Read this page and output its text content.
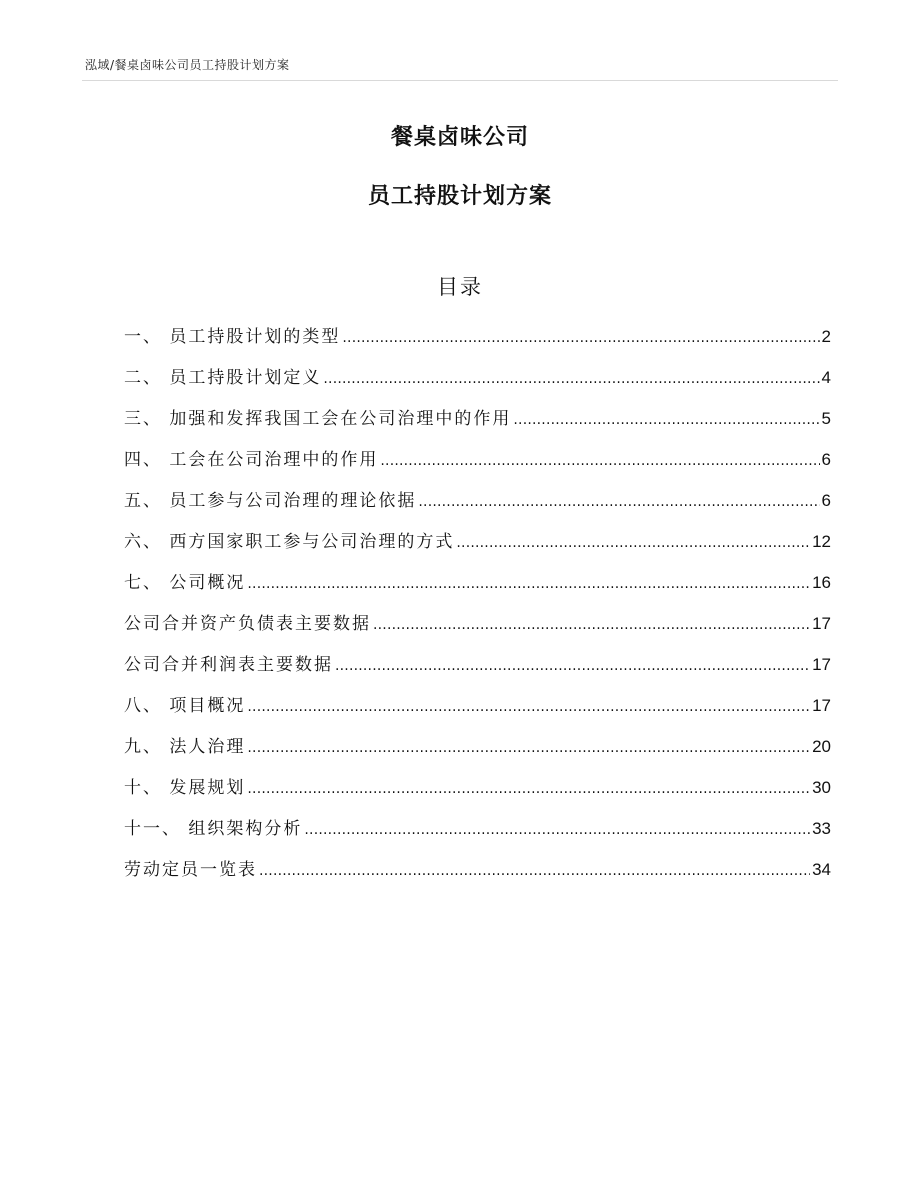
泓域/餐桌卤味公司员工持股计划方案
餐桌卤味公司
员工持股计划方案
目录
一、 员工持股计划的类型 .....	2
二、 员工持股计划定义 .....	4
三、 加强和发挥我国工会在公司治理中的作用 .....	5
四、 工会在公司治理中的作用 .....	6
五、 员工参与公司治理的理论依据 .....	6
六、 西方国家职工参与公司治理的方式 .....	12
七、 公司概况 .....	16
公司合并资产负债表主要数据 .....	17
公司合并利润表主要数据 .....	17
八、 项目概况 .....	17
九、 法人治理 .....	20
十、 发展规划 .....	30
十一、 组织架构分析 .....	33
劳动定员一览表 .....	34
